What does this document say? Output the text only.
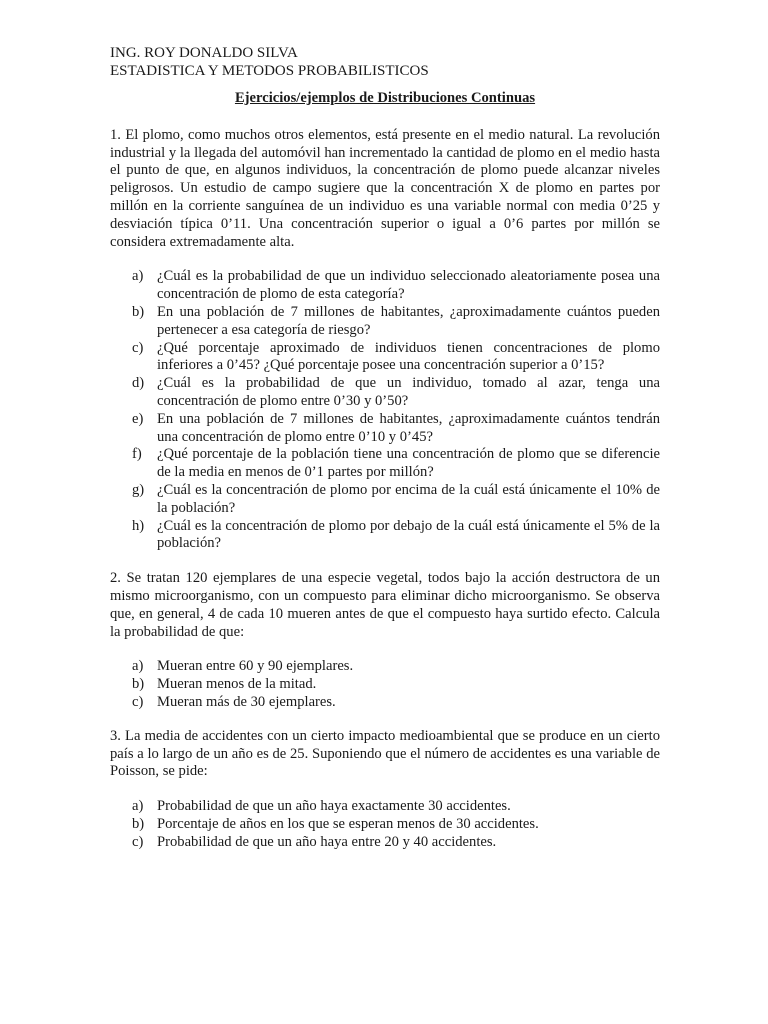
ING. ROY DONALDO SILVA
ESTADISTICA Y METODOS PROBABILISTICOS
Ejercicios/ejemplos de Distribuciones Continuas

1. El plomo, como muchos otros elementos, está presente en el medio natural. La revolución industrial y la llegada del automóvil han incrementado la cantidad de plomo en el medio hasta el punto de que, en algunos individuos, la concentración de plomo puede alcanzar niveles peligrosos. Un estudio de campo sugiere que la concentración X de plomo en partes por millón en la corriente sanguínea de un individuo es una variable normal con media 0’25 y desviación típica 0’11. Una concentración superior o igual a 0’6 partes por millón se considera extremadamente alta.

a) ¿Cuál es la probabilidad de que un individuo seleccionado aleatoriamente posea una concentración de plomo de esta categoría?
b) En una población de 7 millones de habitantes, ¿aproximadamente cuántos pueden pertenecer a esa categoría de riesgo?
c) ¿Qué porcentaje aproximado de individuos tienen concentraciones de plomo inferiores a 0’45? ¿Qué porcentaje posee una concentración superior a 0’15?
d) ¿Cuál es la probabilidad de que un individuo, tomado al azar, tenga una concentración de plomo entre 0’30 y 0’50?
e) En una población de 7 millones de habitantes, ¿aproximadamente cuántos tendrán una concentración de plomo entre 0’10 y 0’45?
f) ¿Qué porcentaje de la población tiene una concentración de plomo que se diferencie de la media en menos de 0’1 partes por millón?
g) ¿Cuál es la concentración de plomo por encima de la cuál está únicamente el 10% de la población?
h) ¿Cuál es la concentración de plomo por debajo de la cuál está únicamente el 5% de la población?

2. Se tratan 120 ejemplares de una especie vegetal, todos bajo la acción destructora de un mismo microorganismo, con un compuesto para eliminar dicho microorganismo. Se observa que, en general, 4 de cada 10 mueren antes de que el compuesto haya surtido efecto. Calcula la probabilidad de que:

a) Mueran entre 60 y 90 ejemplares.
b) Mueran menos de la mitad.
c) Mueran más de 30 ejemplares.

3. La media de accidentes con un cierto impacto medioambiental que se produce en un cierto país a lo largo de un año es de 25. Suponiendo que el número de accidentes es una variable de Poisson, se pide:

a) Probabilidad de que un año haya exactamente 30 accidentes.
b) Porcentaje de años en los que se esperan menos de 30 accidentes.
c) Probabilidad de que un año haya entre 20 y 40 accidentes.
